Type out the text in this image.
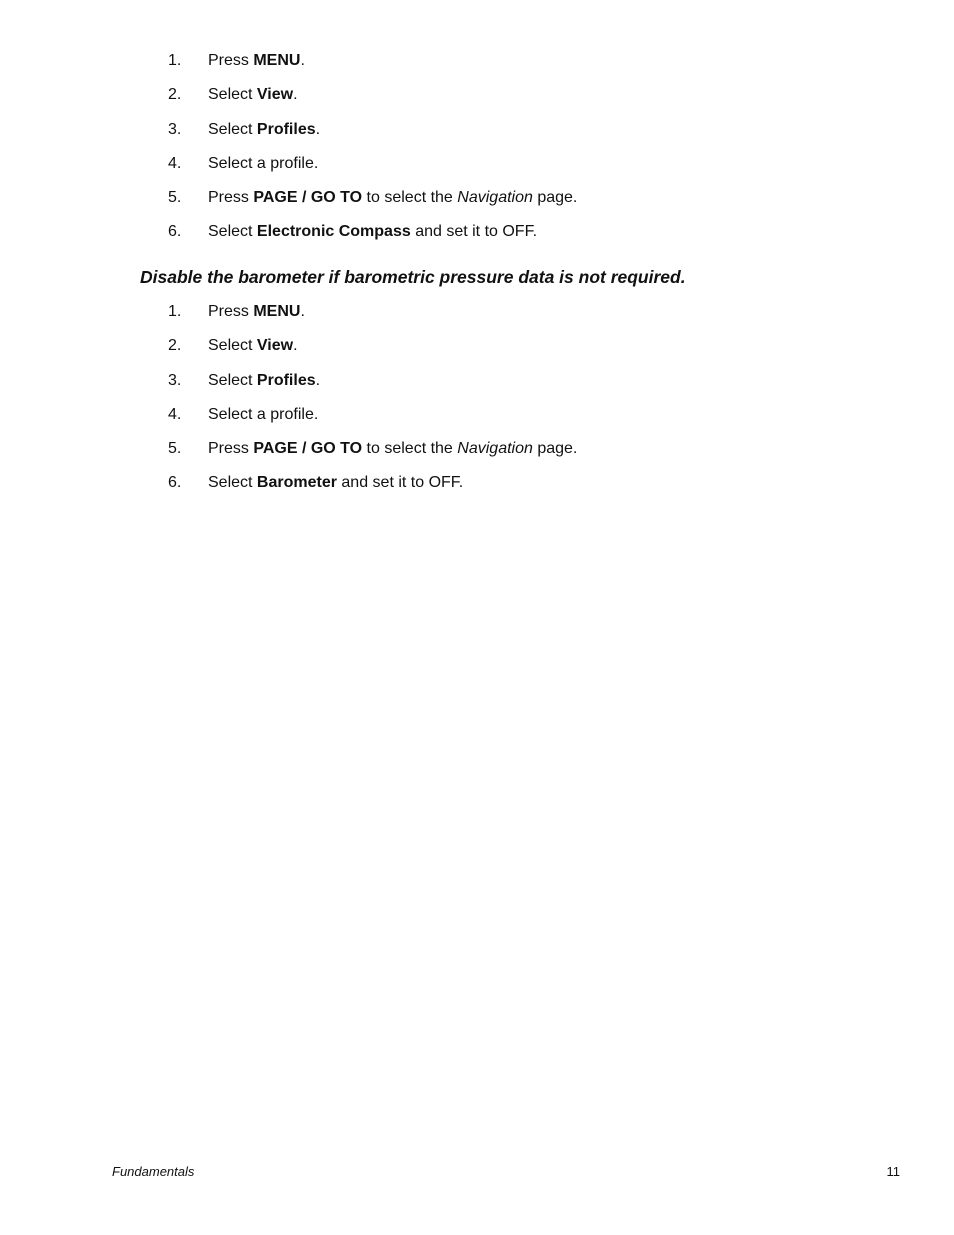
1. Press MENU.
2. Select View.
3. Select Profiles.
4. Select a profile.
5. Press PAGE / GO TO to select the Navigation page.
6. Select Electronic Compass and set it to OFF.
Disable the barometer if barometric pressure data is not required.
1. Press MENU.
2. Select View.
3. Select Profiles.
4. Select a profile.
5. Press PAGE / GO TO to select the Navigation page.
6. Select Barometer and set it to OFF.
Fundamentals	11
